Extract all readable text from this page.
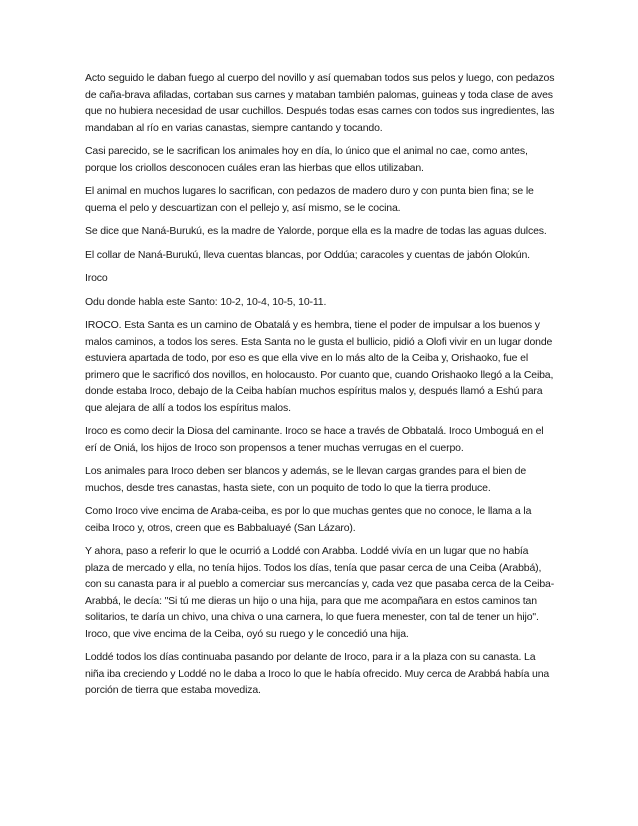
Acto seguido le daban fuego al cuerpo del novillo y así quemaban todos sus pelos y luego, con pedazos de caña-brava afiladas, cortaban sus carnes y mataban también palomas, guineas y toda clase de aves que no hubiera necesidad de usar cuchillos. Después todas esas carnes con todos sus ingredientes, las mandaban al río en varias canastas, siempre cantando y tocando.

Casi parecido, se le sacrifican los animales hoy en día, lo único que el animal no cae, como antes, porque los criollos desconocen cuáles eran las hierbas que ellos utilizaban.

El animal en muchos lugares lo sacrifican, con pedazos de madero duro y con punta bien fina; se le quema el pelo y descuartizan con el pellejo y, así mismo, se le cocina.

Se dice que Naná-Burukú, es la madre de Yalorde, porque ella es la madre de todas las aguas dulces.

El collar de Naná-Burukú, lleva cuentas blancas, por Oddúa; caracoles y cuentas de jabón Olokún.

Iroco

Odu donde habla este Santo: 10-2, 10-4, 10-5, 10-11.

IROCO. Esta Santa es un camino de Obatalá y es hembra, tiene el poder de impulsar a los buenos y malos caminos, a todos los seres. Esta Santa no le gusta el bullicio, pidió a Olofi vivir en un lugar donde estuviera apartada de todo, por eso es que ella vive en lo más alto de la Ceiba y, Orishaoko, fue el primero que le sacrificó dos novillos, en holocausto. Por cuanto que, cuando Orishaoko llegó a la Ceiba, donde estaba Iroco, debajo de la Ceiba habían muchos espíritus malos y, después llamó a Eshú para que alejara de allí a todos los espíritus malos.

Iroco es como decir la Diosa del caminante. Iroco se hace a través de Obbatalá. Iroco Umboguá en el erí de Oniá, los hijos de Iroco son propensos a tener muchas verrugas en el cuerpo.

Los animales para Iroco deben ser blancos y además, se le llevan cargas grandes para el bien de muchos, desde tres canastas, hasta siete, con un poquito de todo lo que la tierra produce.

Como Iroco vive encima de Araba-ceiba, es por lo que muchas gentes que no conoce, le llama a la ceiba Iroco y, otros, creen que es Babbaluayé (San Lázaro).

Y ahora, paso a referir lo que le ocurrió a Loddé con Arabba. Loddé vivía en un lugar que no había plaza de mercado y ella, no tenía hijos. Todos los días, tenía que pasar cerca de una Ceiba (Arabbá), con su canasta para ir al pueblo a comerciar sus mercancías y, cada vez que pasaba cerca de la Ceiba-Arabbá, le decía: "Si tú me dieras un hijo o una hija, para que me acompañara en estos caminos tan solitarios, te daría un chivo, una chiva o una carnera, lo que fuera menester, con tal de tener un hijo". Iroco, que vive encima de la Ceiba, oyó su ruego y le concedió una hija.

Loddé todos los días continuaba pasando por delante de Iroco, para ir a la plaza con su canasta. La niña iba creciendo y Loddé no le daba a Iroco lo que le había ofrecido. Muy cerca de Arabbá había una porción de tierra que estaba movediza.
